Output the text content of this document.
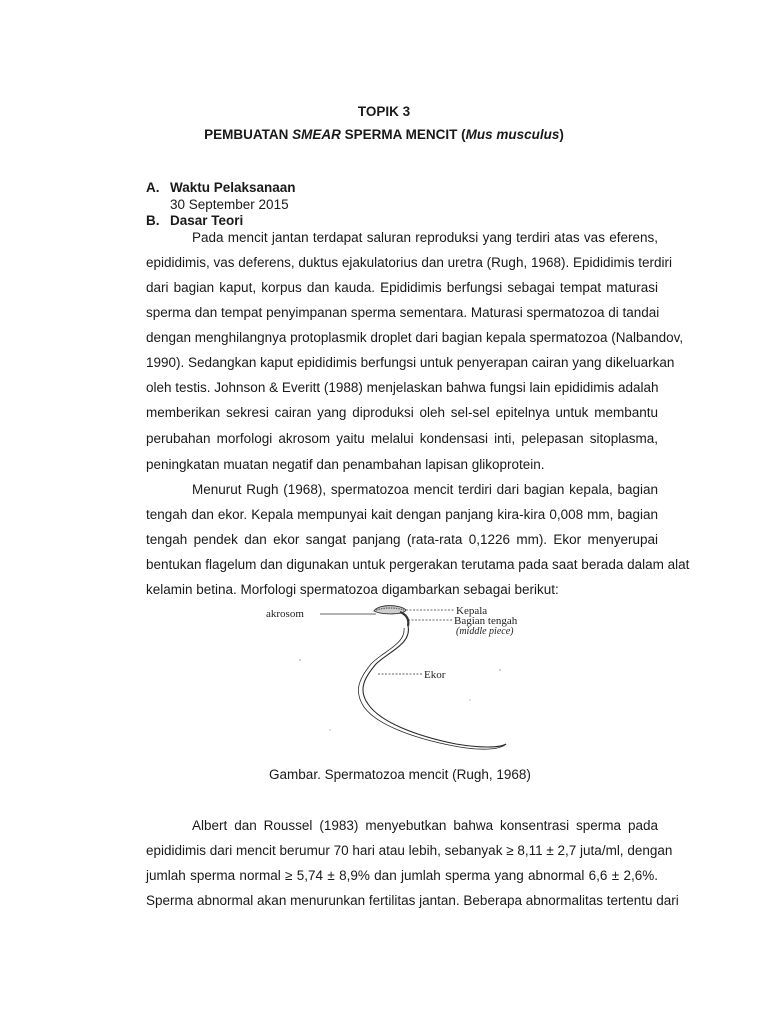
TOPIK 3
PEMBUATAN SMEAR SPERMA MENCIT (Mus musculus)
A. Waktu Pelaksanaan
30 September 2015
B. Dasar Teori
Pada mencit jantan terdapat saluran reproduksi yang terdiri atas vas eferens,
epididimis, vas deferens, duktus ejakulatorius dan uretra (Rugh, 1968). Epididimis terdiri
dari bagian kaput, korpus dan kauda. Epididimis berfungsi sebagai tempat maturasi
sperma dan tempat penyimpanan sperma sementara. Maturasi spermatozoa di tandai
dengan menghilangnya protoplasmik droplet dari bagian kepala spermatozoa (Nalbandov,
1990). Sedangkan kaput epididimis berfungsi untuk penyerapan cairan yang dikeluarkan
oleh testis. Johnson & Everitt (1988) menjelaskan bahwa fungsi lain epididimis adalah
memberikan sekresi cairan yang diproduksi oleh sel-sel epitelnya untuk membantu
perubahan morfologi akrosom yaitu melalui kondensasi inti, pelepasan sitoplasma,
peningkatan muatan negatif dan penambahan lapisan glikoprotein.
Menurut Rugh (1968), spermatozoa mencit terdiri dari bagian kepala, bagian
tengah dan ekor. Kepala mempunyai kait dengan panjang kira-kira 0,008 mm, bagian
tengah pendek dan ekor sangat panjang (rata-rata 0,1226 mm). Ekor menyerupai
bentukan flagelum dan digunakan untuk pergerakan terutama pada saat berada dalam alat
kelamin betina. Morfologi spermatozoa digambarkan sebagai berikut:
akrosom	Kepala
Bagian tengah
(middle piece)
Ekor
Gambar. Spermatozoa mencit (Rugh, 1968)
Albert dan Roussel (1983) menyebutkan bahwa konsentrasi sperma pada
epididimis dari mencit berumur 70 hari atau lebih, sebanyak ≥ 8,11 ± 2,7 juta/ml, dengan
jumlah sperma normal ≥ 5,74 ± 8,9% dan jumlah sperma yang abnormal 6,6 ± 2,6%.
Sperma abnormal akan menurunkan fertilitas jantan. Beberapa abnormalitas tertentu dari
